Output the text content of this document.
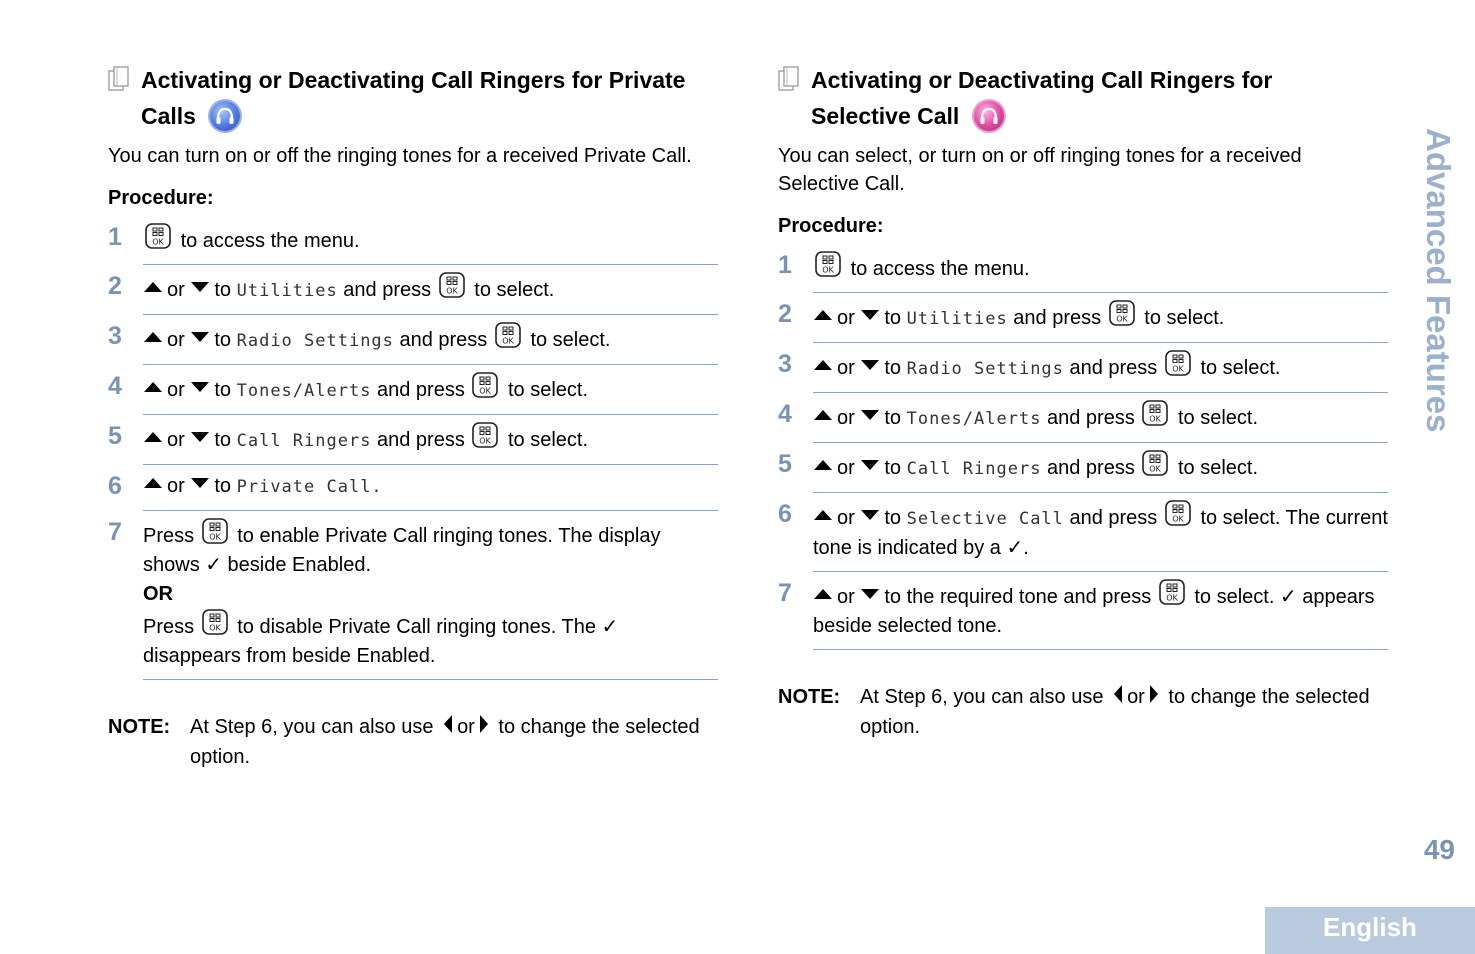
Activating or Deactivating Call Ringers for Private
Calls
You can turn on or off the ringing tones for a received Private Call.
Procedure:
1	OK to access the menu.
2	or to Utilities and press OK to select.
3	or to Radio Settings and press OK to select.
4	or to Tones/Alerts and press OK to select.
5	or to Call Ringers and press OK to select.
6	or to Private Call.
7 Press OK to enable Private Call ringing tones. The display shows ✓ beside Enabled.
OR
Press OK to disable Private Call ringing tones. The ✓ disappears from beside Enabled.
NOTE: At Step 6, you can also use or to change the selected option.
Activating or Deactivating Call Ringers for
Selective Call
You can select, or turn on or off ringing tones for a received Selective Call.
Procedure:
1	OK to access the menu.
2	or to Utilities and press OK to select.
3	or to Radio Settings and press OK to select.
4	or to Tones/Alerts and press OK to select.
5	or to Call Ringers and press OK to select.
6	or to Selective Call and press OK to select. The current tone is indicated by a ✓.
7	or to the required tone and press OK to select. ✓ appears beside selected tone.
NOTE: At Step 6, you can also use or to change the selected option.
Advanced Features
49
English
